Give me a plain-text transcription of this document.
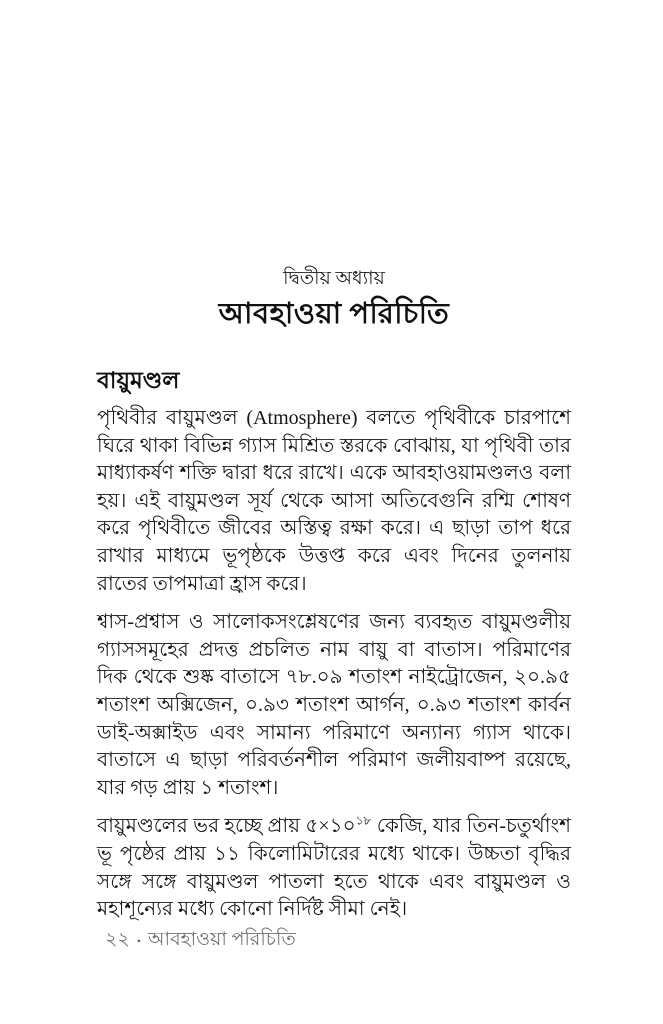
দ্বিতীয় অধ্যায়
আবহাওয়া পরিচিতি
বায়ুমণ্ডল

পৃথিবীর বায়ুমণ্ডল (Atmosphere) বলতে পৃথিবীকে চারপাশে ঘিরে থাকা বিভিন্ন গ্যাস মিশ্রিত স্তরকে বোঝায়, যা পৃথিবী তার মাধ্যাকর্ষণ শক্তি দ্বারা ধরে রাখে। একে আবহাওয়ামণ্ডলও বলা হয়। এই বায়ুমণ্ডল সূর্য থেকে আসা অতিবেগুনি রশ্মি শোষণ করে পৃথিবীতে জীবের অস্তিত্ব রক্ষা করে। এ ছাড়া তাপ ধরে রাখার মাধ্যমে ভূপৃষ্ঠকে উত্তপ্ত করে এবং দিনের তুলনায় রাতের তাপমাত্রা হ্রাস করে।

শ্বাস-প্রশ্বাস ও সালোকসংশ্লেষণের জন্য ব্যবহৃত বায়ুমণ্ডলীয় গ্যাসসমূহের প্রদত্ত প্রচলিত নাম বায়ু বা বাতাস। পরিমাণের দিক থেকে শুষ্ক বাতাসে ৭৮.০৯ শতাংশ নাইট্রোজেন, ২০.৯৫ শতাংশ অক্সিজেন, ০.৯৩ শতাংশ আর্গন, ০.৯৩ শতাংশ কার্বন ডাই-অক্সাইড এবং সামান্য পরিমাণে অন্যান্য গ্যাস থাকে। বাতাসে এ ছাড়া পরিবর্তনশীল পরিমাণ জলীয়বাষ্প রয়েছে, যার গড় প্রায় ১ শতাংশ।

বায়ুমণ্ডলের ভর হচ্ছে প্রায় $৫\times ১০^{১৮}$ কেজি, যার তিন-চতুর্থাংশ ভূ পৃষ্ঠের প্রায় ১১ কিলোমিটারের মধ্যে থাকে। উচ্চতা বৃদ্ধির সঙ্গে সঙ্গে বায়ুমণ্ডল পাতলা হতে থাকে এবং বায়ুমণ্ডল ও মহাশূন্যের মধ্যে কোনো নির্দিষ্ট সীমা নেই।

২২ • আবহাওয়া পরিচিতি
